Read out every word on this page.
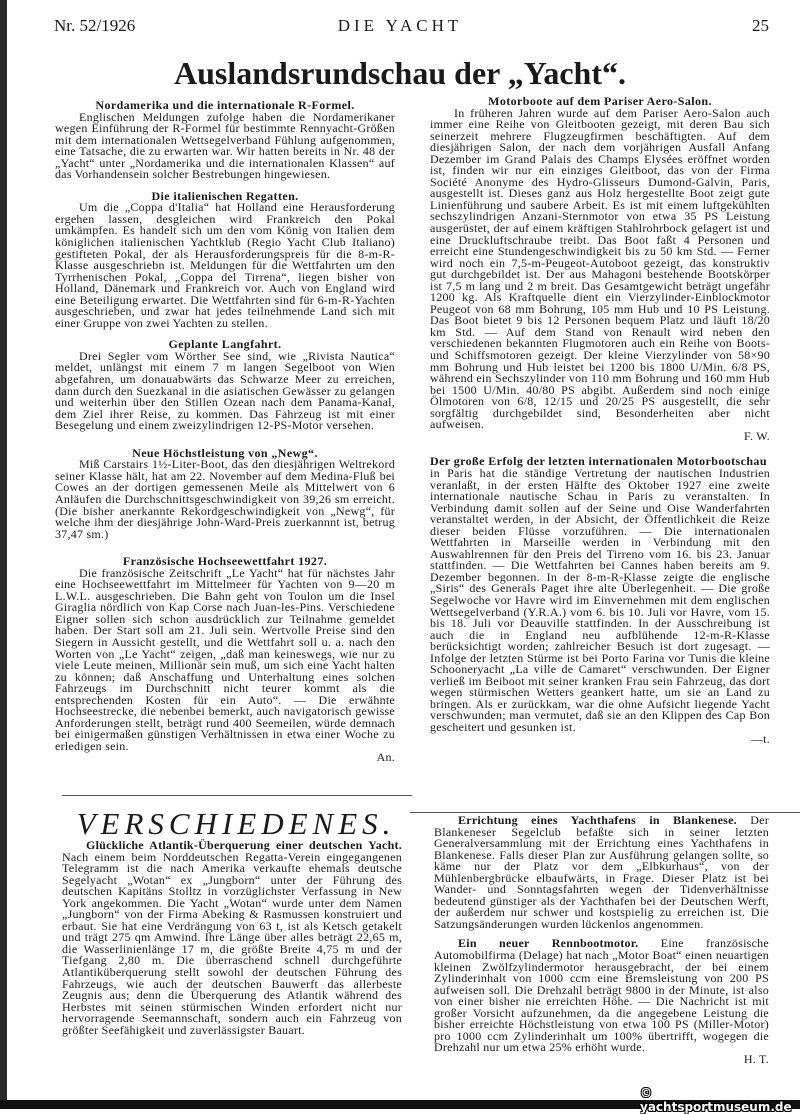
Nr. 52/1926	DIE YACHT	25
Auslandsrundschau der „Yacht“.
Nordamerika und die internationale R-Formel.

Englischen Meldungen zufolge haben die Nordamerikaner wegen Einführung der R-Formel für bestimmte Rennyacht-Größen mit dem internationalen Wettsegelverband Fühlung aufgenommen, eine Tatsache, die zu erwarten war. Wir hatten bereits in Nr. 48 der „Yacht“ unter „Nordamerika und die internationalen Klassen“ auf das Vorhandensein solcher Bestrebungen hingewiesen.

Die italienischen Regatten.

Um die „Coppa d'Italia“ hat Holland eine Herausforderung ergehen lassen, desgleichen wird Frankreich den Pokal umkämpfen. Es handelt sich um den vom König von Italien dem königlichen italienischen Yachtklub (Regio Yacht Club Italiano) gestifteten Pokal, der als Herausforderungspreis für die 8-m-R-Klasse ausgeschriebn ist. Meldungen für die Wettfahrten um den Tyrrhenischen Pokal, „Coppa del Tirrena“, liegen bisher von Holland, Dänemark und Frankreich vor. Auch von England wird eine Beteiligung erwartet. Die Wettfahrten sind für 6-m-R-Yachten ausgeschrieben, und zwar hat jedes teilnehmende Land sich mit einer Gruppe von zwei Yachten zu stellen.

Geplante Langfahrt.

Drei Segler vom Wörther See sind, wie „Rivista Nautica“ meldet, unlängst mit einem 7 m langen Segelboot von Wien abgefahren, um donauabwärts das Schwarze Meer zu erreichen, dann durch den Suezkanal in die asiatischen Gewässer zu gelangen und weiterhin über den Stillen Ozean nach dem Panama-Kanal, dem Ziel ihrer Reise, zu kommen. Das Fahrzeug ist mit einer Besegelung und einem zweizylindrigen 12-PS-Motor versehen.

Neue Höchstleistung von „Newg“.

Miß Carstairs 1½-Liter-Boot, das den diesjährigen Weltrekord seiner Klasse hält, hat am 22. November auf dem Medina-Fluß bei Cowes an der dortigen gemessenen Meile als Mittelwert von 6 Anläufen die Durchschnittsgeschwindigkeit von 39,26 sm erreicht. (Die bisher anerkannte Rekordgeschwindigkeit von „Newg“, für welche ihm der diesjährige John-Ward-Preis zuerkannnt ist, betrug 37,47 sm.)

Französische Hochseewettfahrt 1927.

Die französische Zeitschrift „Le Yacht“ hat für nächstes Jahr eine Hochseewettfahrt im Mittelmeer für Yachten von 9—20 m L.W.L. ausgeschrieben. Die Bahn geht von Toulon um die Insel Giraglia nördlich von Kap Corse nach Juan-les-Pins. Verschiedene Eigner sollen sich schon ausdrücklich zur Teilnahme gemeldet haben. Der Start soll am 21. Juli sein. Wertvolle Preise sind den Siegern in Aussicht gestellt, und die Wettfahrt soll u. a. nach den Worten von „Le Yacht“ zeigen, „daß man keineswegs, wie nur zu viele Leute meinen, Millionär sein muß, um sich eine Yacht halten zu können; daß Anschaffung und Unterhaltung eines solchen Fahrzeugs im Durchschnitt nicht teurer kommt als die entsprechenden Kosten für ein Auto“. — Die erwähnte Hochseestrecke, die nebenbei bemerkt, auch navigatorisch gewisse Anforderungen stellt, beträgt rund 400 Seemeilen, würde demnach bei einigermaßen günstigen Verhältnissen in etwa einer Woche zu erledigen sein.

An.
Motorboote auf dem Pariser Aero-Salon.

In früheren Jahren wurde auf dem Pariser Aero-Salon auch immer eine Reihe von Gleitbooten gezeigt, mit deren Bau sich seinerzeit mehrere Flugzeugfirmen beschäftigten. Auf dem diesjährigen Salon, der nach dem vorjährigen Ausfall Anfang Dezember im Grand Palais des Champs Elysées eröffnet worden ist, finden wir nur ein einziges Gleitboot, das von der Firma Société Anonyme des Hydro-Glisseurs Dumond-Galvin, Paris, ausgestellt ist. Dieses ganz aus Holz hergestellte Boot zeigt gute Linienführung und saubere Arbeit. Es ist mit einem luftgekühlten sechszylindrigen Anzani-Sternmotor von etwa 35 PS Leistung ausgerüstet, der auf einem kräftigen Stahlrohrbock gelagert ist und eine Druckluftschraube treibt. Das Boot faßt 4 Personen und erreicht eine Stundengeschwindigkeit bis zu 50 km Std. — Ferner wird noch ein 7,5-m-Peugeot-Autoboot gezeigt, das konstruktiv gut durchgebildet ist. Der aus Mahagoni bestehende Bootskörper ist 7,5 m lang und 2 m breit. Das Gesamtgewicht beträgt ungefähr 1200 kg. Als Kraftquelle dient ein Vierzylinder-Einblockmotor Peugeot von 68 mm Bohrung, 105 mm Hub und 10 PS Leistung. Das Boot bietet 9 bis 12 Personen bequem Platz und läuft 18/20 km Std. — Auf dem Stand von Renault wird neben den verschiedenen bekannten Flugmotoren auch ein Reihe von Boots- und Schiffsmotoren gezeigt. Der kleine Vierzylinder von 58×90 mm Bohrung und Hub leistet bei 1200 bis 1800 U/Min. 6/8 PS, während ein Sechszylinder von 110 mm Bohrung und 160 mm Hub bei 1500 U/Min. 40/80 PS abgibt. Außerdem sind noch einige Ölmotoren von 6/8, 12/15 und 20/25 PS ausgestellt, die sehr sorgfältig durchgebildet sind, Besonderheiten aber nicht aufweisen.

F. W.
Der große Erfolg der letzten internationalen Motorbootschau

in Paris hat die ständige Vertretung der nautischen Industrien veranlaßt, in der ersten Hälfte des Oktober 1927 eine zweite internationale nautische Schau in Paris zu veranstalten. In Verbindung damit sollen auf der Seine und Oise Wanderfahrten veranstaltet werden, in der Absicht, der Öffentlichkeit die Reize dieser beiden Flüsse vorzuführen. — Die internationalen Wettfahrten in Marseille werden in Verbindung mit den Auswahlrennen für den Preis del Tirreno vom 16. bis 23. Januar stattfinden. — Die Wettfahrten bei Cannes haben bereits am 9. Dezember begonnen. In der 8-m-R-Klasse zeigte die englische „Siris“ des Generals Paget ihre alte Überlegenheit. — Die große Segelwoche vor Havre wird im Einvernehmen mit dem englischen Wettsegelverband (Y.R.A.) vom 6. bis 10. Juli vor Havre, vom 15. bis 18. Juli vor Deauville stattfinden. In der Ausschreibung ist auch die in England neu aufblühende 12-m-R-Klasse berücksichtigt worden; zahlreicher Besuch ist dort zugesagt. — Infolge der letzten Stürme ist bei Porto Farina vor Tunis die kleine Schooneryacht „La ville de Camaret“ verschwunden. Der Eigner verließ im Beiboot mit seiner kranken Frau sein Fahrzeug, das dort wegen stürmischen Wetters geankert hatte, um sie an Land zu bringen. Als er zurückkam, war die ohne Aufsicht liegende Yacht verschwunden; man vermutet, daß sie an den Klippen des Cap Bon gescheitert und gesunken ist.

—t.
VERSCHIEDENES.

Glückliche Atlantik-Überquerung einer deutschen Yacht. Nach einem beim Norddeutschen Regatta-Verein eingegangenen Telegramm ist die nach Amerika verkaufte ehemals deutsche Segelyacht „Wotan“ ex „Jungborn“ unter der Führung des deutschen Kapitäns Stolltz in vorzüglichster Verfassung in New York angekommen. Die Yacht „Wotan“ wurde unter dem Namen „Jungborn“ von der Firma Abeking & Rasmussen konstruiert und erbaut. Sie hat eine Verdrängung von 63 t, ist als Ketsch getakelt und trägt 275 qm Amwind. Ihre Länge über alles beträgt 22,65 m, die Wasserlinienlänge 17 m, die größte Breite 4,75 m und der Tiefgang 2,80 m. Die überraschend schnell durchgeführte Atlantiküberquerung stellt sowohl der deutschen Führung des Fahrzeugs, wie auch der deutschen Bauwerft das allerbeste Zeugnis aus; denn die Überquerung des Atlantik während des Herbstes mit seinen stürmischen Winden erfordert nicht nur hervorragende Seemannschaft, sondern auch ein Fahrzeug von größter Seefähigkeit und zuverlässigster Bauart.

Errichtung eines Yachthafens in Blankenese. Der Blankeneser Segelclub befaßte sich in seiner letzten Generalversammlung mit der Errichtung eines Yachthafens in Blankenese. Falls dieser Plan zur Ausführung gelangen sollte, so käme nur der Platz vor dem „Elbkurhaus“, von der Mühlenbergbrücke elbaufwärts, in Frage. Dieser Platz ist bei Wander- und Sonntagsfahrten wegen der Tidenverhältnisse bedeutend günstiger als der Yachthafen bei der Deutschen Werft, der außerdem nur schwer und kostspielig zu erreichen ist. Die Satzungsänderungen wurden lückenlos angenommen.

Ein neuer Rennbootmotor. Eine französische Automobilfirma (Delage) hat nach „Motor Boat“ einen neuartigen kleinen Zwölfzylindermotor herausgebracht, der bei einem Zylinderinhalt von 1000 ccm eine Bremsleistung von 200 PS aufweisen soll. Die Drehzahl beträgt 9800 in der Minute, ist also von einer bisher nie erreichten Höhe. — Die Nachricht ist mit großer Vorsicht aufzunehmen, da die angegebene Leistung die bisher erreichte Höchstleistung von etwa 100 PS (Miller-Motor) pro 1000 ccm Zylinderinhalt um 100% übertrifft, wogegen die Drehzahl nur um etwa 25% erhöht wurde.

H. T.
© yachtsportmuseum.de
